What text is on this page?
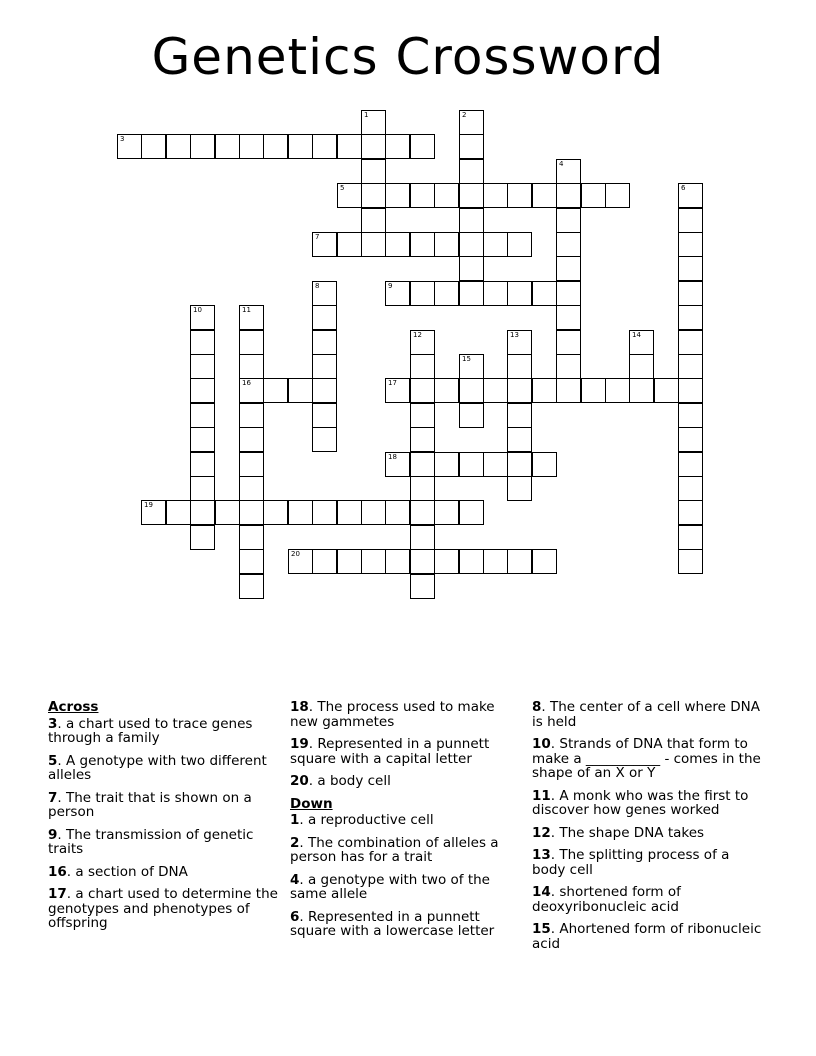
Genetics Crossword
1	2
3
4
5	6
7
8	9
10	11
16
12	13	14
15
17
18
19
20
Across
3. a chart used to trace genes through a family
5. A genotype with two different alleles
7. The trait that is shown on a person
9. The transmission of genetic traits
16. a section of DNA
17. a chart used to determine the genotypes and phenotypes of offspring
18. The process used to make new gammetes
19. Represented in a punnett square with a capital letter
20. a body cell
Down
1. a reproductive cell
2. The combination of alleles a person has for a trait
4. a genotype with two of the same allele
6. Represented in a punnett square with a lowercase letter
8. The center of a cell where DNA is held
10. Strands of DNA that form to make a ___________ - comes in the shape of an X or Y
11. A monk who was the first to discover how genes worked
12. The shape DNA takes
13. The splitting process of a body cell
14. shortened form of deoxyribonucleic acid
15. Ahortened form of ribonucleic acid
